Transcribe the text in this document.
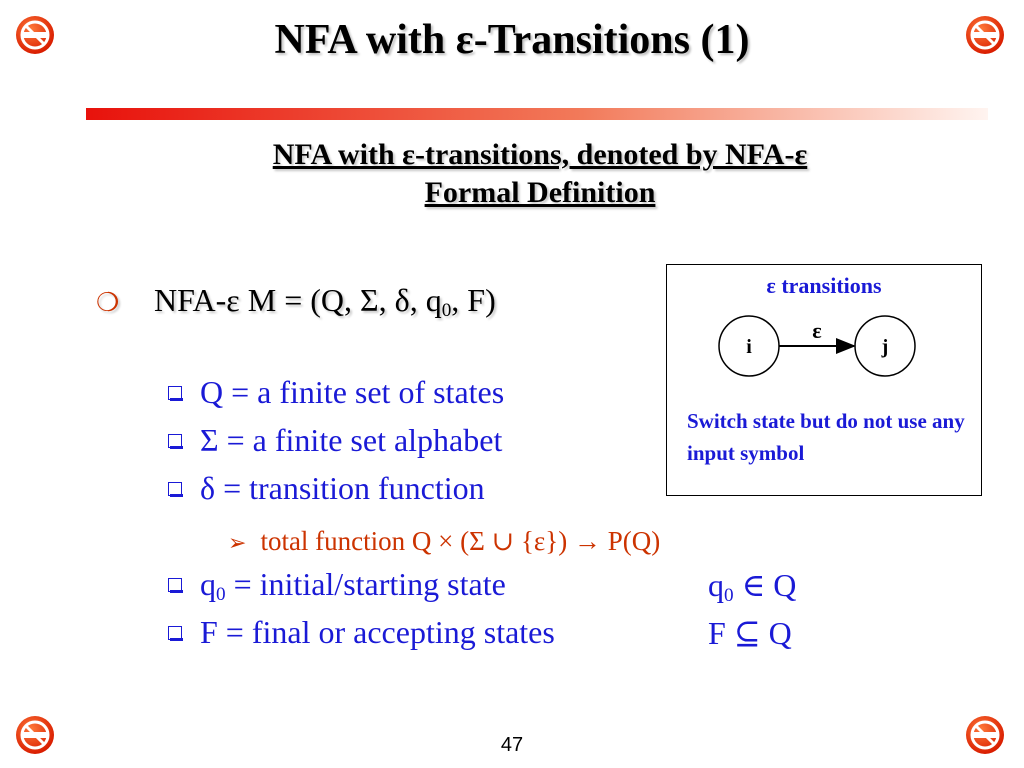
NFA with ε-Transitions (1)
NFA with ε-transitions, denoted by NFA-ε
Formal Definition
❍ NFA-ε M = (Q, Σ, δ, $q_0$, F)
Q = a finite set of states
Σ = a finite set alphabet
δ = transition function
➢ total function Q × (Σ ∪ {ε}) → P(Q)
$q_0$ = initial/starting state	$q_0$ ∈ Q
F = final or accepting states	F ⊆ Q
ε transitions
i	j
ε
Switch state but do not use any input symbol
47
